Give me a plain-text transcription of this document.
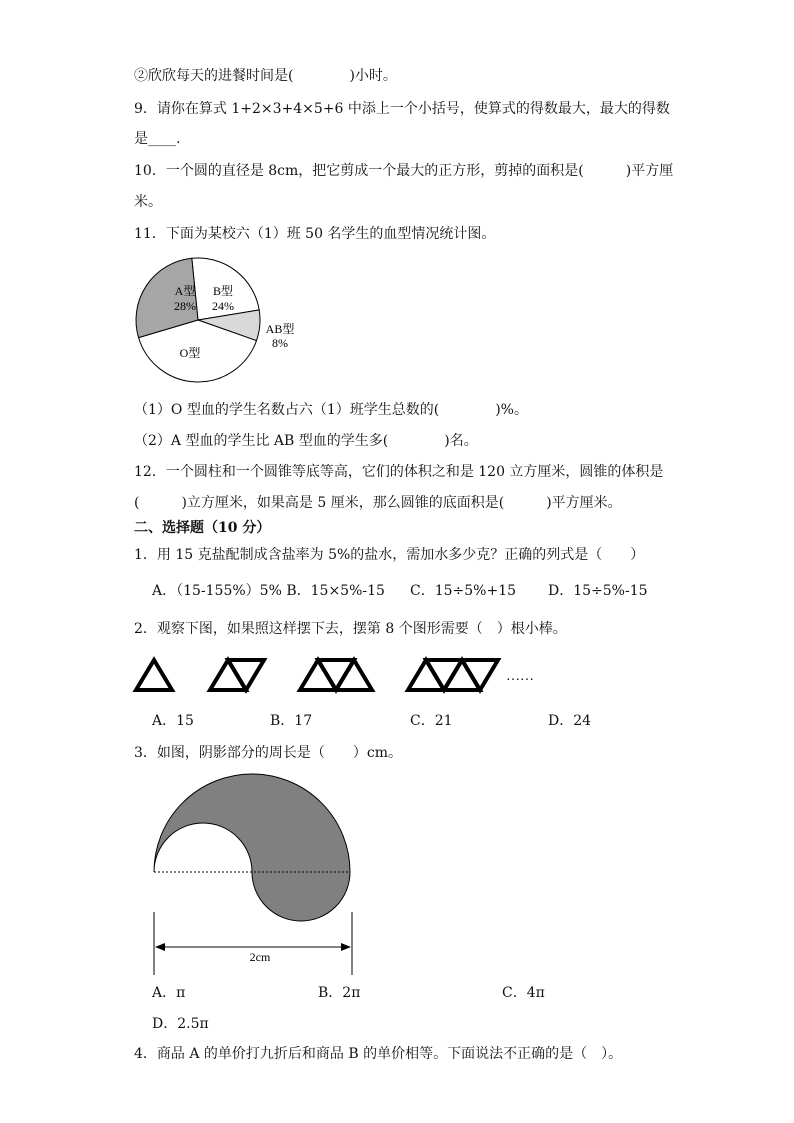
②欣欣每天的进餐时间是(　　　　)小时。
9．请你在算式 1+2×3+4×5+6 中添上一个小括号，使算式的得数最大，最大的得数
是____.
10．一个圆的直径是 8cm，把它剪成一个最大的正方形，剪掉的面积是(　　　)平方厘
米。
11．下面为某校六（1）班 50 名学生的血型情况统计图。
A型
28%
B型
24%
AB型
8%
O型
（1）O 型血的学生名数占六（1）班学生总数的(　　　　)%。
（2）A 型血的学生比 AB 型血的学生多(　　　　)名。
12．一个圆柱和一个圆锥等底等高，它们的体积之和是 120 立方厘米，圆锥的体积是
(　　　)立方厘米，如果高是 5 厘米，那么圆锥的底面积是(　　　)平方厘米。
二、选择题（10 分）
1．用 15 克盐配制成含盐率为 5%的盐水，需加水多少克？正确的列式是（　　）
A．（15-155%）5% B．15×5%-15 C．15÷5%+15 D．15÷5%-15
2．观察下图，如果照这样摆下去，摆第 8 个图形需要（　）根小棒。
……
A．15	B．17	C．21	D．24
3．如图，阴影部分的周长是（　　）cm。
2cm
A．π	B．2π	C．4π
D．2.5π
4．商品 A 的单价打九折后和商品 B 的单价相等。下面说法不正确的是（　）。
